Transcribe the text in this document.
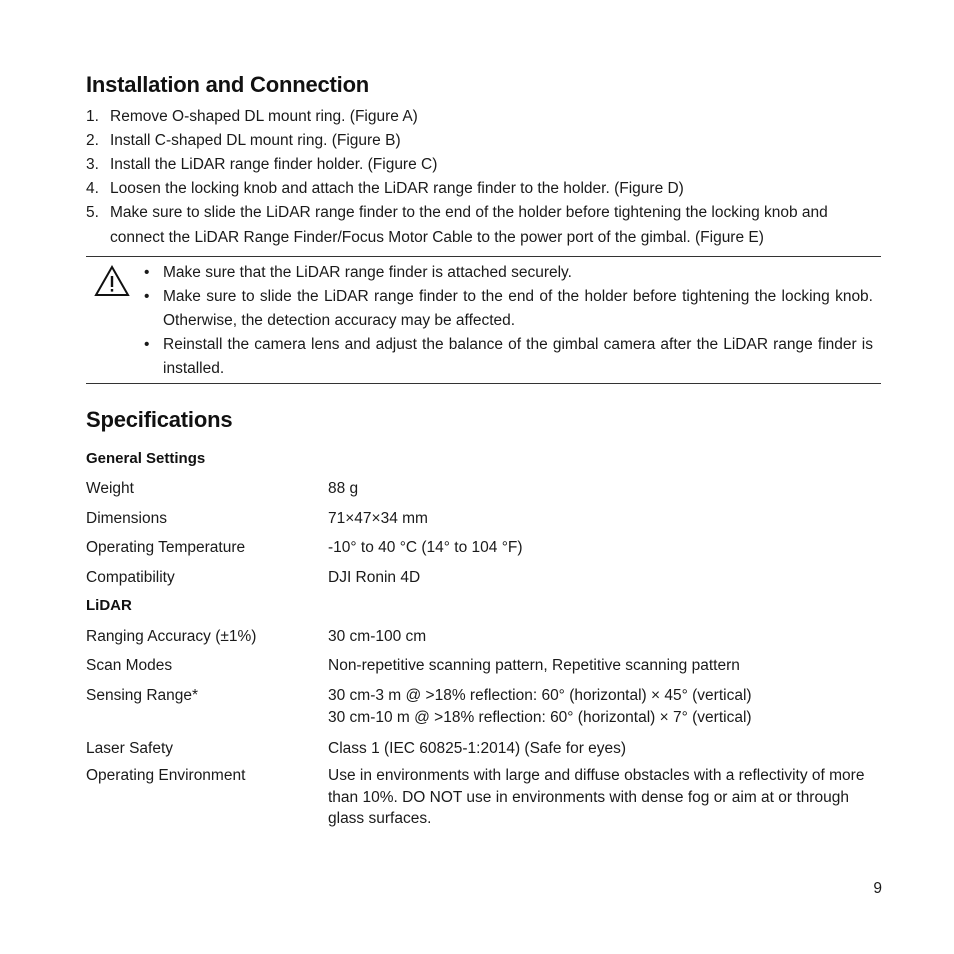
Installation and Connection
1. Remove O-shaped DL mount ring. (Figure A)
2. Install C-shaped DL mount ring. (Figure B)
3. Install the LiDAR range finder holder. (Figure C)
4. Loosen the locking knob and attach the LiDAR range finder to the holder. (Figure D)
5. Make sure to slide the LiDAR range finder to the end of the holder before tightening the locking knob and connect the LiDAR Range Finder/Focus Motor Cable to the power port of the gimbal. (Figure E)
• Make sure that the LiDAR range finder is attached securely.
• Make sure to slide the LiDAR range finder to the end of the holder before tightening the locking knob. Otherwise, the detection accuracy may be affected.
• Reinstall the camera lens and adjust the balance of the gimbal camera after the LiDAR range finder is installed.
Specifications
General Settings
Weight	88 g
Dimensions	71×47×34 mm
Operating Temperature	-10° to 40 °C (14° to 104 °F)
Compatibility	DJI Ronin 4D
LiDAR
Ranging Accuracy (±1%)	30 cm-100 cm
Scan Modes	Non-repetitive scanning pattern, Repetitive scanning pattern
Sensing Range*	30 cm-3 m @ >18% reflection: 60° (horizontal) × 45° (vertical)
30 cm-10 m @ >18% reflection: 60° (horizontal) × 7° (vertical)
Laser Safety	Class 1 (IEC 60825-1:2014) (Safe for eyes)
Operating Environment	Use in environments with large and diffuse obstacles with a reflectivity of more than 10%. DO NOT use in environments with dense fog or aim at or through glass surfaces.
9
